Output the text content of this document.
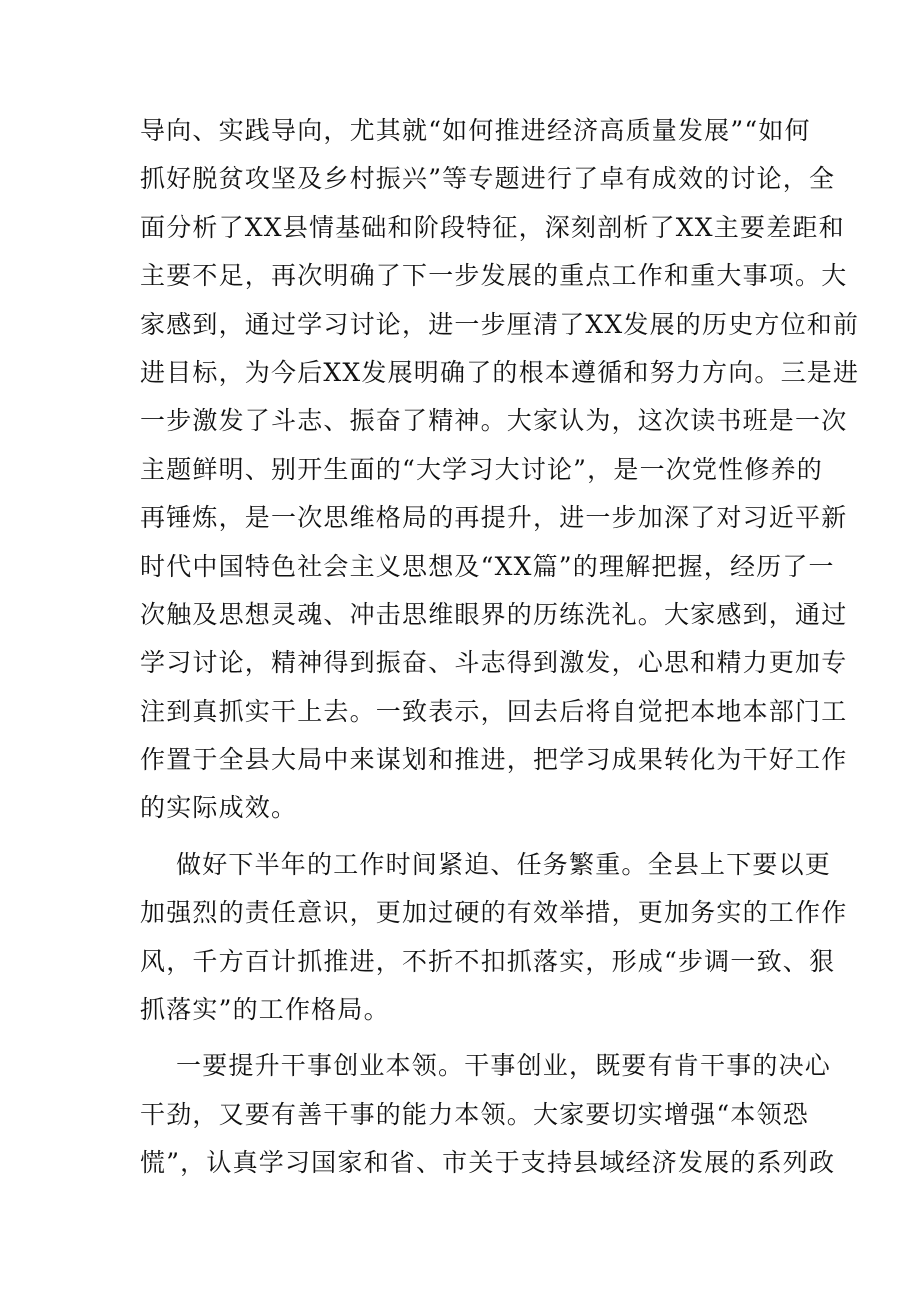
导向、实践导向，尤其就“如何推进经济高质量发展”“如何
抓好脱贫攻坚及乡村振兴”等专题进行了卓有成效的讨论，全
面分析了XX县情基础和阶段特征，深刻剖析了XX主要差距和
主要不足，再次明确了下一步发展的重点工作和重大事项。大
家感到，通过学习讨论，进一步厘清了XX发展的历史方位和前
进目标，为今后XX发展明确了的根本遵循和努力方向。三是进
一步激发了斗志、振奋了精神。大家认为，这次读书班是一次
主题鲜明、别开生面的“大学习大讨论”，是一次党性修养的
再锤炼，是一次思维格局的再提升，进一步加深了对习近平新
时代中国特色社会主义思想及“XX篇”的理解把握，经历了一
次触及思想灵魂、冲击思维眼界的历练洗礼。大家感到，通过
学习讨论，精神得到振奋、斗志得到激发，心思和精力更加专
注到真抓实干上去。一致表示，回去后将自觉把本地本部门工
作置于全县大局中来谋划和推进，把学习成果转化为干好工作
的实际成效。
做好下半年的工作时间紧迫、任务繁重。全县上下要以更
加强烈的责任意识，更加过硬的有效举措，更加务实的工作作
风，千方百计抓推进，不折不扣抓落实，形成“步调一致、狠
抓落实”的工作格局。
一要提升干事创业本领。干事创业，既要有肯干事的决心
干劲，又要有善干事的能力本领。大家要切实增强“本领恐
慌”，认真学习国家和省、市关于支持县域经济发展的系列政
